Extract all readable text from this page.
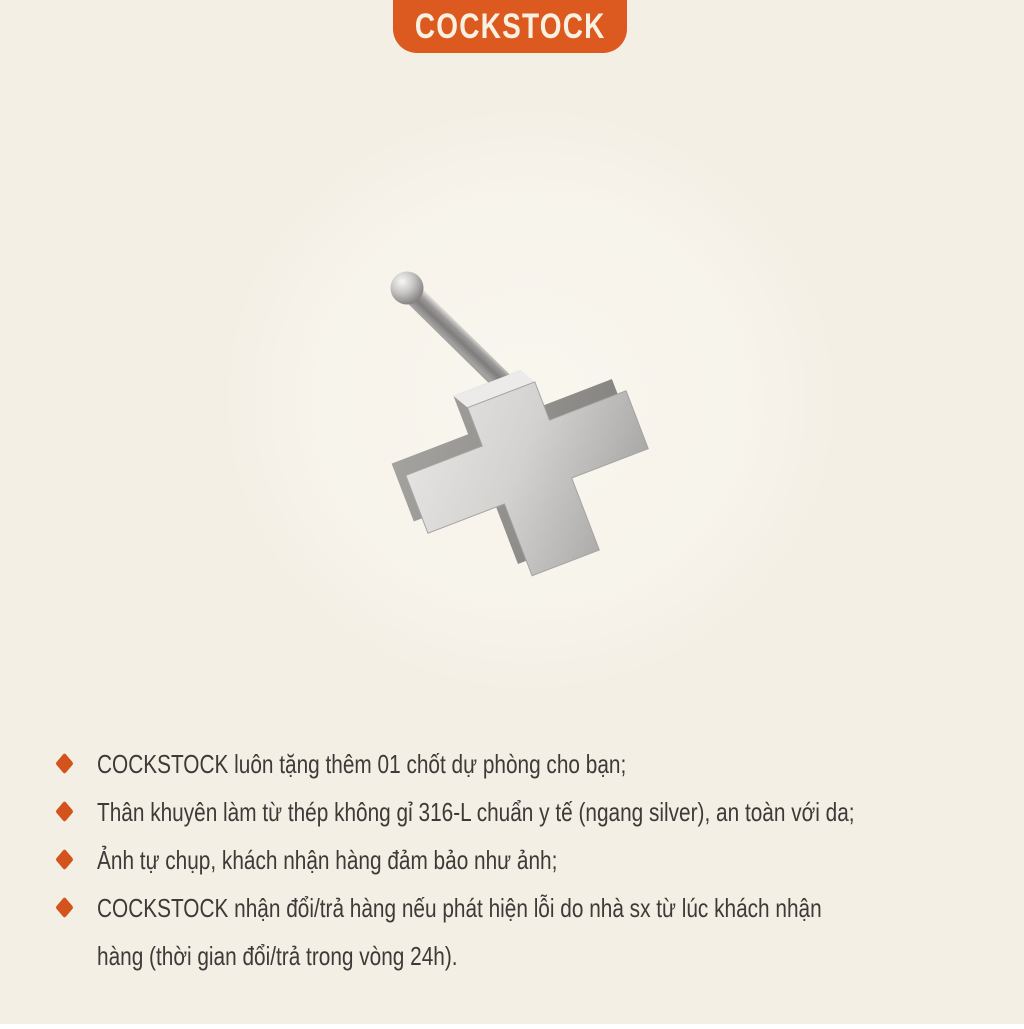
COCKSTOCK
COCKSTOCK luôn tặng thêm 01 chốt dự phòng cho bạn;
Thân khuyên làm từ thép không gỉ 316-L chuẩn y tế (ngang silver), an toàn với da;
Ảnh tự chụp, khách nhận hàng đảm bảo như ảnh;
COCKSTOCK nhận đổi/trả hàng nếu phát hiện lỗi do nhà sx từ lúc khách nhận
hàng (thời gian đổi/trả trong vòng 24h).
